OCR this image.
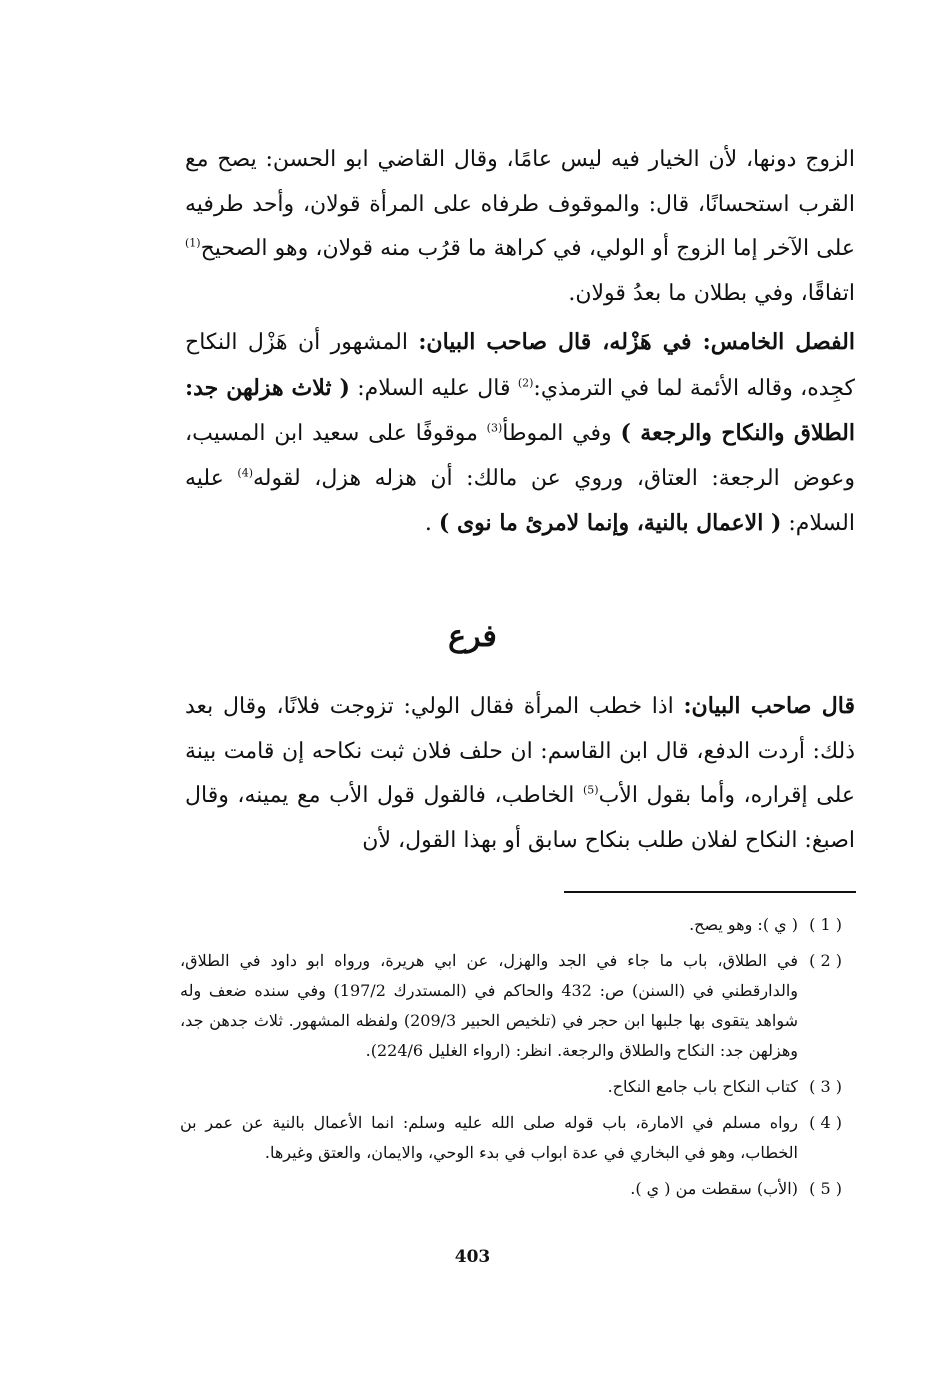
الزوج دونها، لأن الخيار فيه ليس عامًا، وقال القاضي ابو الحسن: يصح مع القرب استحسانًا، قال: والموقوف طرفاه على المرأة قولان، وأحد طرفيه على الآخر إما الزوج أو الولي، في كراهة ما قرُب منه قولان، وهو الصحيح$^{(1)}$ اتفاقًا، وفي بطلان ما بعدُ قولان.

الفصل الخامس: في هَزْله، قال صاحب البيان: المشهور أن هَزْل النكاح كجِده، وقاله الأئمة لما في الترمذي:$^{(2)}$ قال عليه السلام: ( ثلاث هزلهن جد: الطلاق والنكاح والرجعة ) وفي الموطأ$^{(3)}$ موقوفًا على سعيد ابن المسيب، وعوض الرجعة: العتاق، وروي عن مالك: أن هزله هزل، لقوله$^{(4)}$ عليه السلام: ( الاعمال بالنية، وإنما لامرئ ما نوى ) .

فرع

قال صاحب البيان: اذا خطب المرأة فقال الولي: تزوجت فلانًا، وقال بعد ذلك: أردت الدفع، قال ابن القاسم: ان حلف فلان ثبت نكاحه إن قامت بينة على إقراره، وأما بقول الأب$^{(5)}$ الخاطب، فالقول قول الأب مع يمينه، وقال اصبغ: النكاح لفلان طلب بنكاح سابق أو بهذا القول، لأن

( 1 )
( ي ): وهو يصح.
( 2 )
في الطلاق، باب ما جاء في الجد والهزل، عن ابي هريرة، ورواه ابو داود في الطلاق، والدارقطني في (السنن) ص: 432 والحاكم في (المستدرك 197/2) وفي سنده ضعف وله شواهد يتقوى بها جلبها ابن حجر في (تلخيص الحبير 209/3) ولفظه المشهور. ثلاث جدهن جد، وهزلهن جد: النكاح والطلاق والرجعة. انظر: (ارواء الغليل 224/6).
( 3 )
كتاب النكاح باب جامع النكاح.
( 4 )
رواه مسلم في الامارة، باب قوله صلى الله عليه وسلم: انما الأعمال بالنية عن عمر بن الخطاب، وهو في البخاري في عدة ابواب في بدء الوحي، والايمان، والعتق وغيرها.
( 5 )
(الأب) سقطت من ( ي ).
403
